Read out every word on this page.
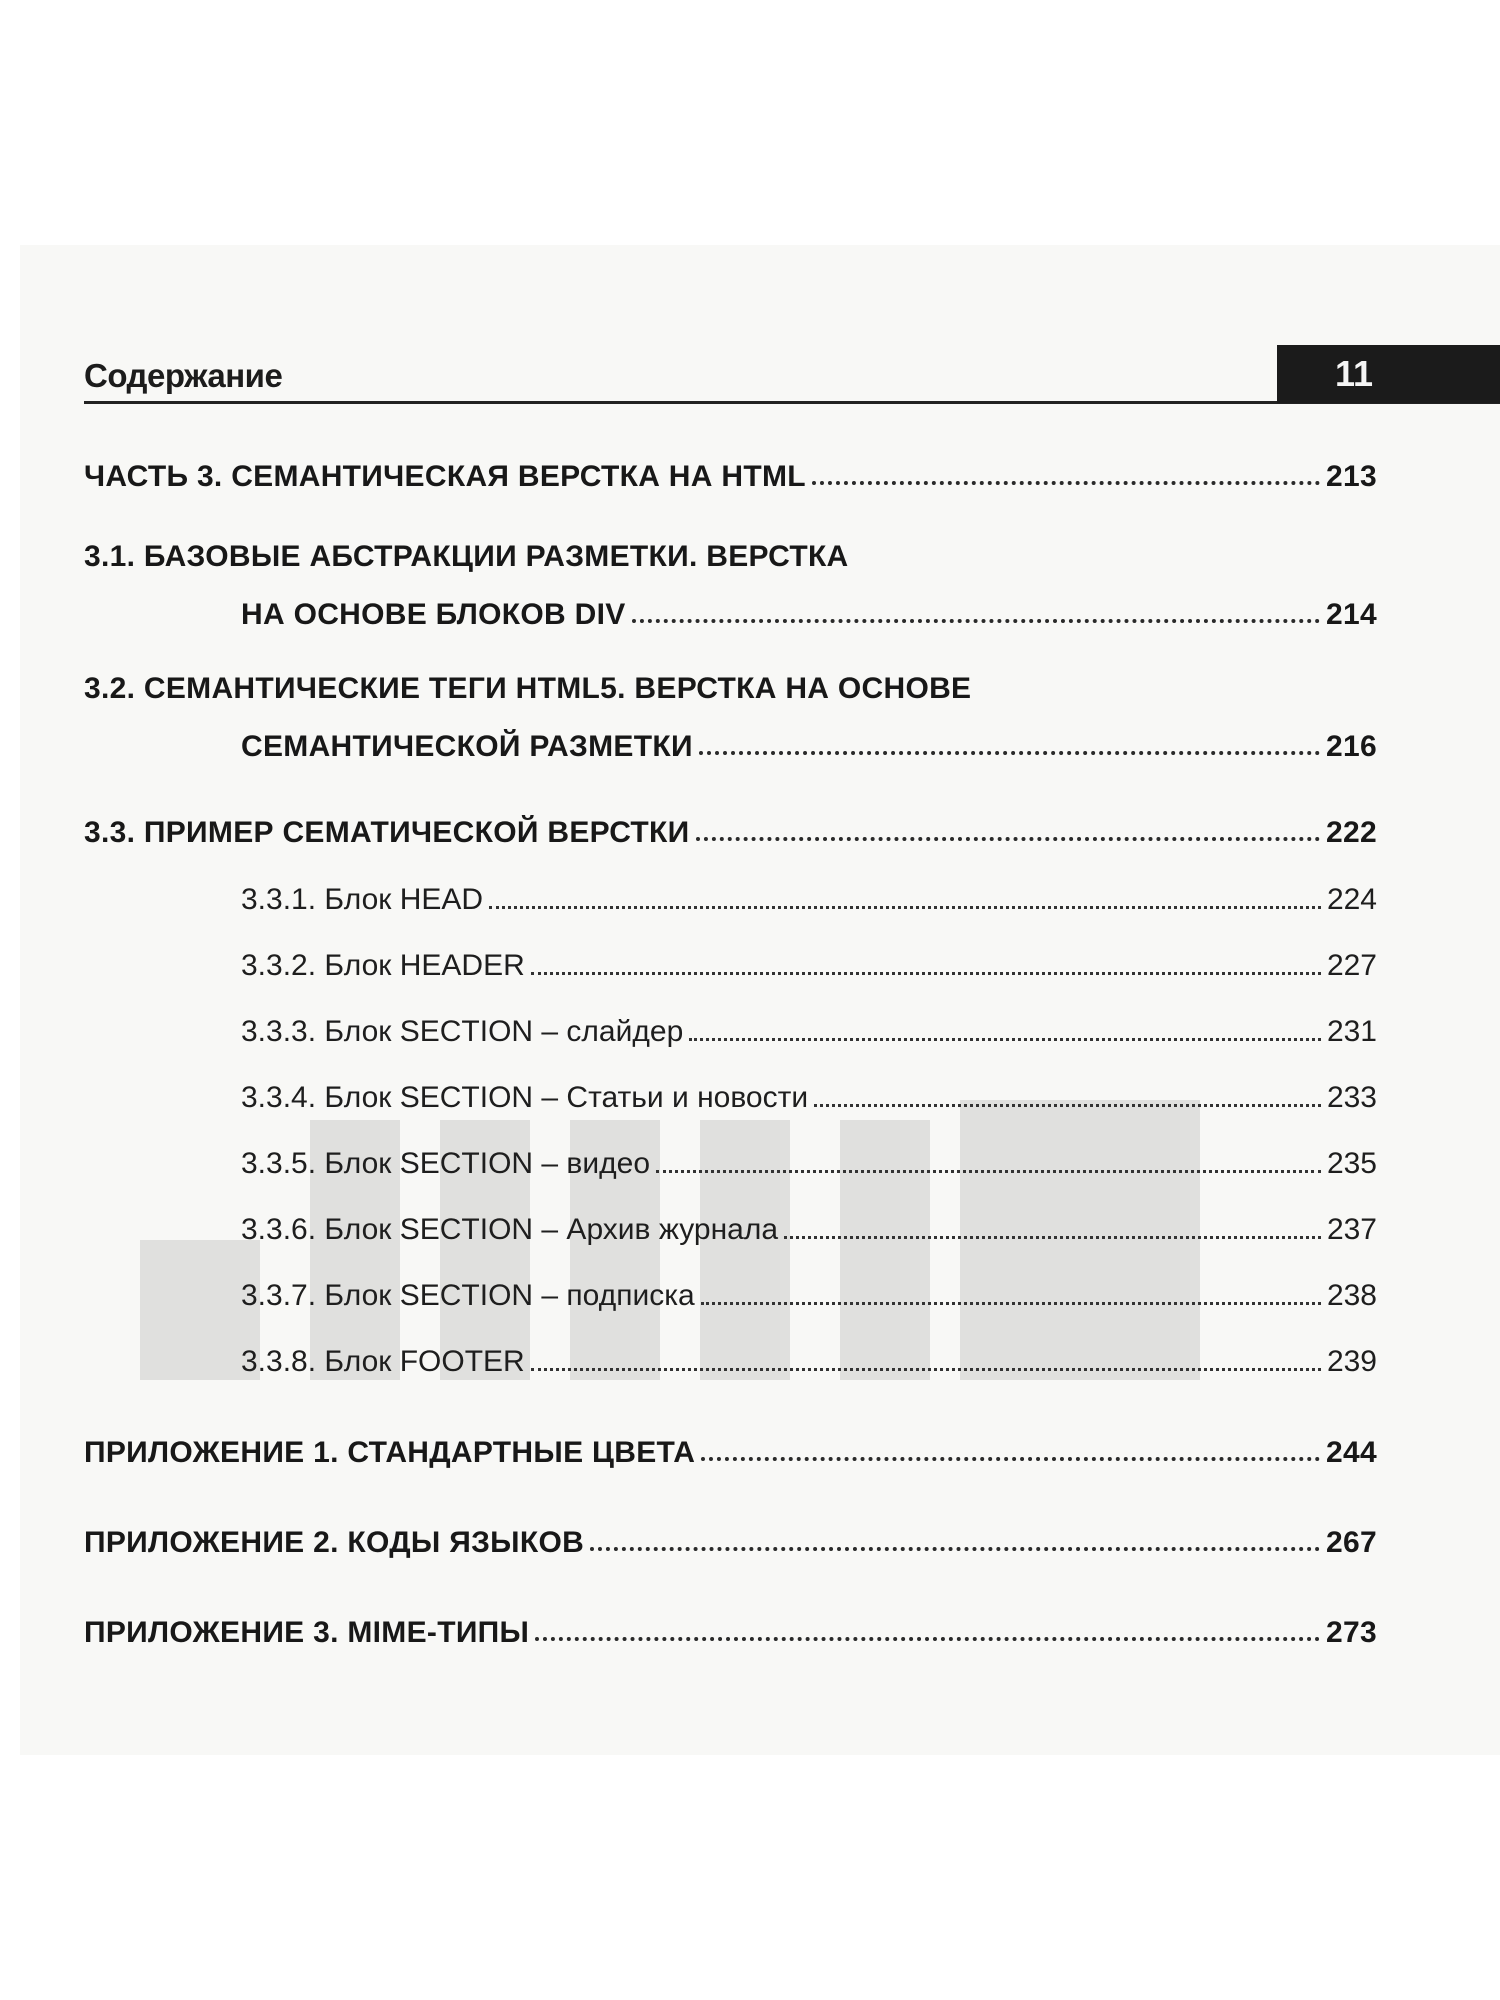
Содержание	11
ЧАСТЬ 3. СЕМАНТИЧЕСКАЯ ВЕРСТКА НА HTML	213
3.1. БАЗОВЫЕ АБСТРАКЦИИ РАЗМЕТКИ. ВЕРСТКА
НА ОСНОВЕ БЛОКОВ DIV	214
3.2. СЕМАНТИЧЕСКИЕ ТЕГИ HTML5. ВЕРСТКА НА ОСНОВЕ
СЕМАНТИЧЕСКОЙ РАЗМЕТКИ	216
3.3. ПРИМЕР СЕМАТИЧЕСКОЙ ВЕРСТКИ	222
3.3.1. Блок HEAD	224
3.3.2. Блок HEADER	227
3.3.3. Блок SECTION – слайдер	231
3.3.4. Блок SECTION – Статьи и новости	233
3.3.5. Блок SECTION – видео	235
3.3.6. Блок SECTION – Архив журнала	237
3.3.7. Блок SECTION – подписка	238
3.3.8. Блок FOOTER	239
ПРИЛОЖЕНИЕ 1. СТАНДАРТНЫЕ ЦВЕТА	244
ПРИЛОЖЕНИЕ 2. КОДЫ ЯЗЫКОВ	267
ПРИЛОЖЕНИЕ 3. MIME-ТИПЫ	273
